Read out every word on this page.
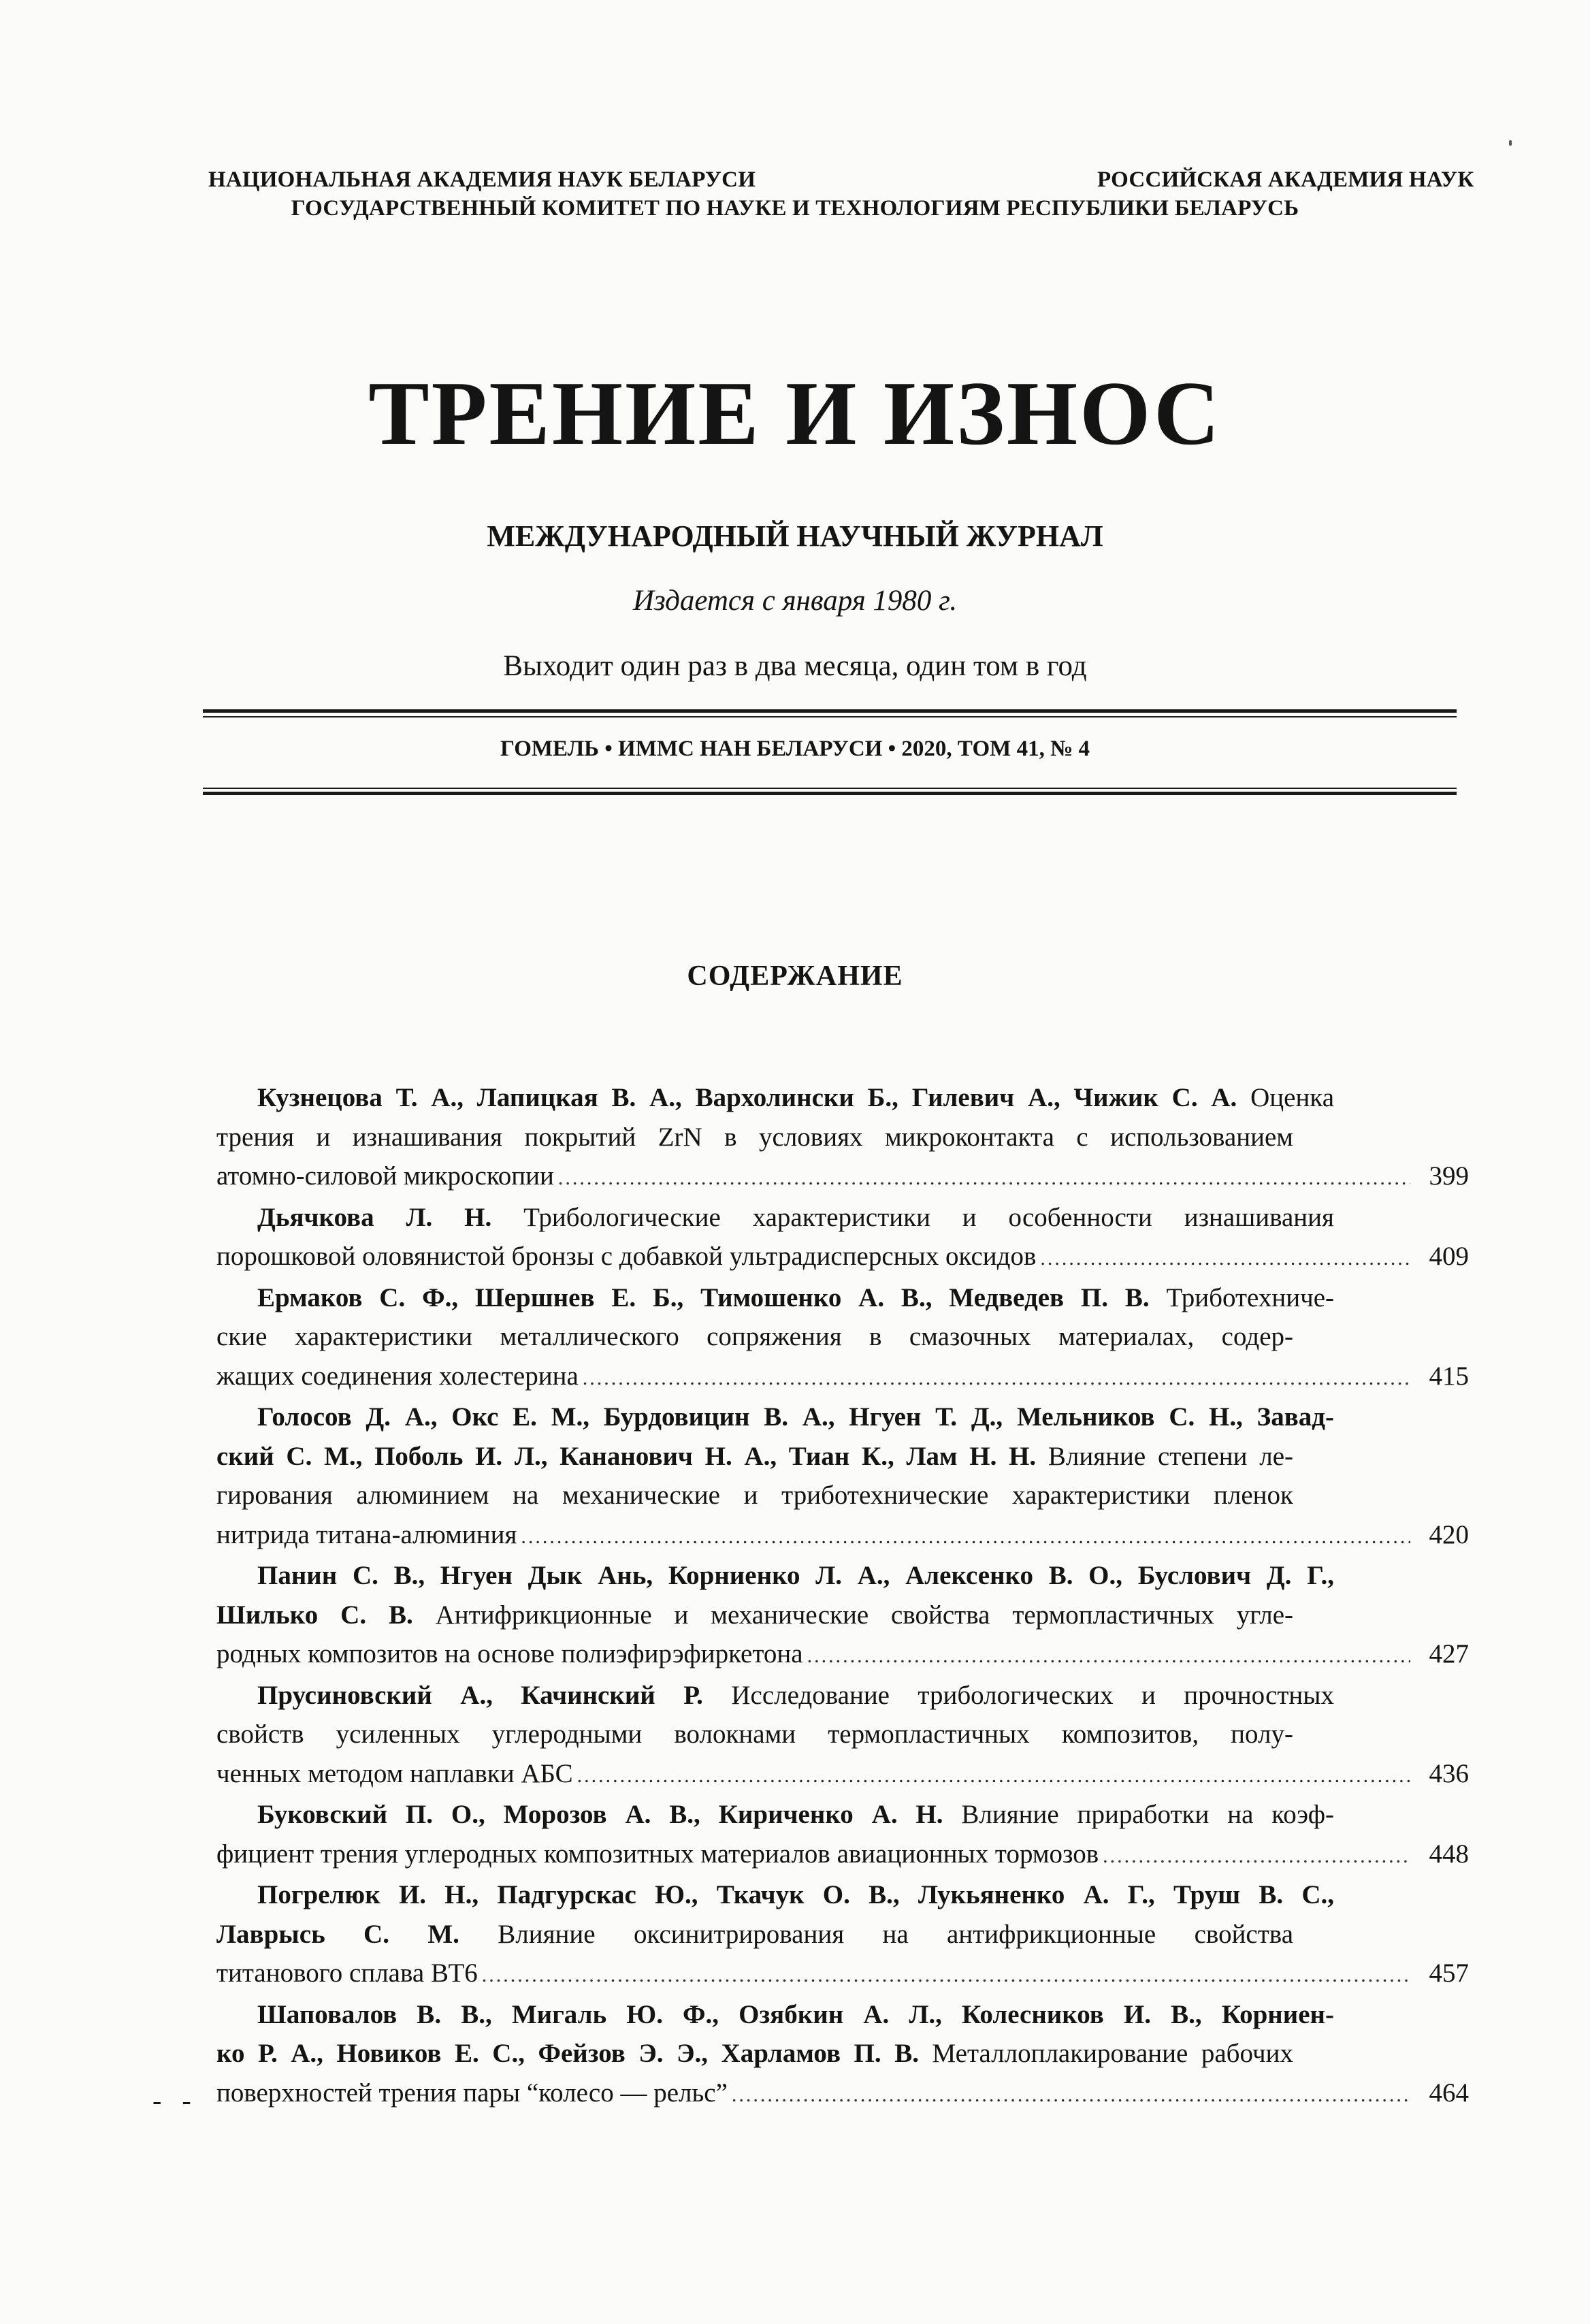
НАЦИОНАЛЬНАЯ АКАДЕМИЯ НАУК БЕЛАРУСИ	РОССИЙСКАЯ АКАДЕМИЯ НАУК
ГОСУДАРСТВЕННЫЙ КОМИТЕТ ПО НАУКЕ И ТЕХНОЛОГИЯМ РЕСПУБЛИКИ БЕЛАРУСЬ
ТРЕНИЕ И ИЗНОС
МЕЖДУНАРОДНЫЙ НАУЧНЫЙ ЖУРНАЛ
Издается с января 1980 г.
Выходит один раз в два месяца, один том в год
ГОМЕЛЬ • ИММС НАН БЕЛАРУСИ • 2020, ТОМ 41, № 4
СОДЕРЖАНИЕ
Кузнецова Т. А., Лапицкая В. А., Вархолински Б., Гилевич А., Чижик С. А. Оценка
трения и изнашивания покрытий ZrN в условиях микроконтакта с использованием
атомно-силовой микроскопии .....	399
Дьячкова Л. Н. Трибологические характеристики и особенности изнашивания
порошковой оловянистой бронзы с добавкой ультрадисперсных оксидов .....	409
Ермаков С. Ф., Шершнев Е. Б., Тимошенко А. В., Медведев П. В. Триботехниче-
ские характеристики металлического сопряжения в смазочных материалах, содер-
жащих соединения холестерина .....	415
Голосов Д. А., Окс Е. М., Бурдовицин В. А., Нгуен Т. Д., Мельников С. Н., Завад-
ский С. М., Поболь И. Л., Кананович Н. А., Тиан К., Лам Н. Н. Влияние степени ле-
гирования алюминием на механические и триботехнические характеристики пленок
нитрида титана-алюминия .....	420
Панин С. В., Нгуен Дык Ань, Корниенко Л. А., Алексенко В. О., Буслович Д. Г.,
Шилько С. В. Антифрикционные и механические свойства термопластичных угле-
родных композитов на основе полиэфирэфиркетона .....	427
Прусиновский А., Качинский Р. Исследование трибологических и прочностных
свойств усиленных углеродными волокнами термопластичных композитов, полу-
ченных методом наплавки АБС .....	436
Буковский П. О., Морозов А. В., Кириченко А. Н. Влияние приработки на коэф-
фициент трения углеродных композитных материалов авиационных тормозов .....	448
Погрелюк И. Н., Падгурскас Ю., Ткачук О. В., Лукьяненко А. Г., Труш В. С.,
Лаврысь С. М. Влияние оксинитрирования на антифрикционные свойства
титанового сплава ВТ6 .....	457
Шаповалов В. В., Мигаль Ю. Ф., Озябкин А. Л., Колесников И. В., Корниен-
ко Р. А., Новиков Е. С., Фейзов Э. Э., Харламов П. В. Металлоплакирование рабочих
поверхностей трения пары “колесо — рельс” .....	464
- -
